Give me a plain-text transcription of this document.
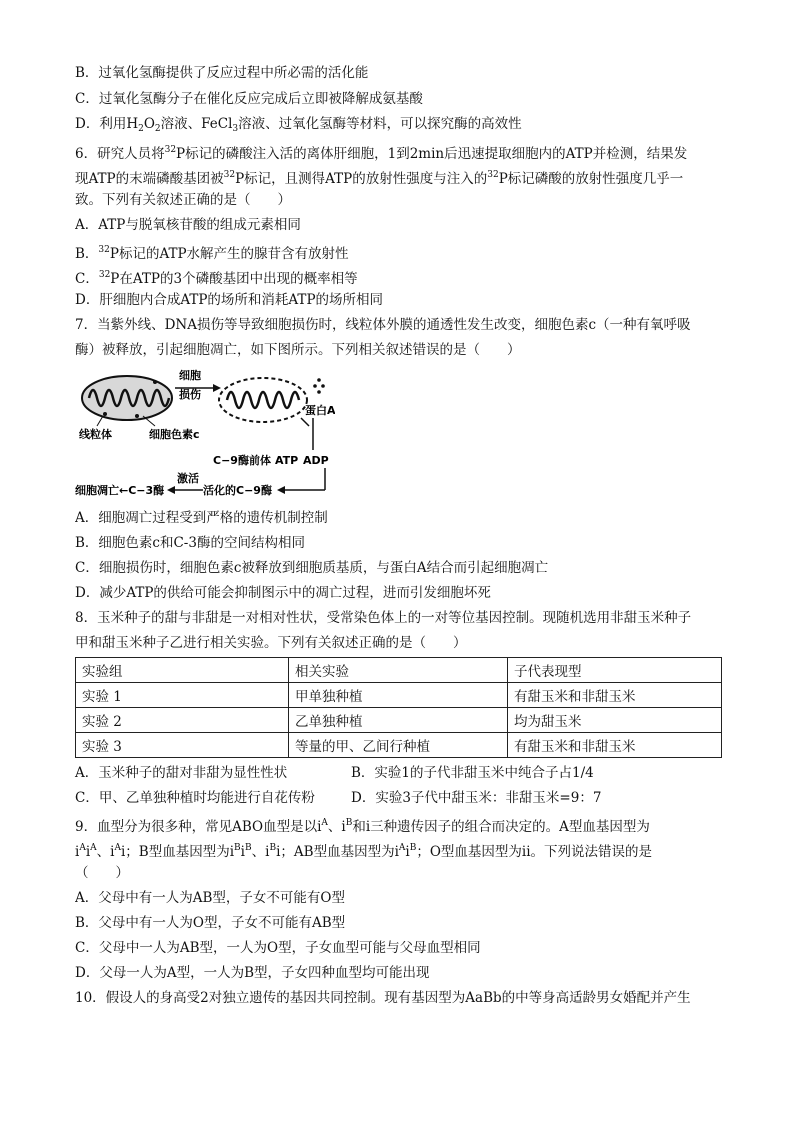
B．过氧化氢酶提供了反应过程中所必需的活化能
C．过氧化氢酶分子在催化反应完成后立即被降解成氨基酸
D．利用$H_2O_2$溶液、FeCl$_3$溶液、过氧化氢酶等材料，可以探究酶的高效性
6．研究人员将$^{32}$P标记的磷酸注入活的离体肝细胞，1到2min后迅速提取细胞内的ATP并检测，结果发
现ATP的末端磷酸基团被$^{32}$P标记，且测得ATP的放射性强度与注入的$^{32}$P标记磷酸的放射性强度几乎一
致。下列有关叙述正确的是（　　）
A．ATP与脱氧核苷酸的组成元素相同
B．$^{32}$P标记的ATP水解产生的腺苷含有放射性
C．$^{32}$P在ATP的3个磷酸基团中出现的概率相等
D．肝细胞内合成ATP的场所和消耗ATP的场所相同
7．当紫外线、DNA损伤等导致细胞损伤时，线粒体外膜的通透性发生改变，细胞色素c（一种有氧呼吸
酶）被释放，引起细胞凋亡，如下图所示。下列相关叙述错误的是（　　）
细胞
损伤
蛋白A
线粒体	细胞色素c
C−9酶前体 ATP ADP
激活
细胞凋亡←C−3酶	活化的C−9酶
A．细胞凋亡过程受到严格的遗传机制控制
B．细胞色素c和C-3酶的空间结构相同
C．细胞损伤时，细胞色素c被释放到细胞质基质，与蛋白A结合而引起细胞凋亡
D．减少ATP的供给可能会抑制图示中的凋亡过程，进而引发细胞坏死
8．玉米种子的甜与非甜是一对相对性状，受常染色体上的一对等位基因控制。现随机选用非甜玉米种子
甲和甜玉米种子乙进行相关实验。下列有关叙述正确的是（　　）
实验组	相关实验	子代表现型
实验 1	甲单独种植	有甜玉米和非甜玉米
实验 2	乙单独种植	均为甜玉米
实验 3	等量的甲、乙间行种植	有甜玉米和非甜玉米
A．玉米种子的甜对非甜为显性性状	B．实验1的子代非甜玉米中纯合子占1/4
C．甲、乙单独种植时均能进行自花传粉	D．实验3子代中甜玉米：非甜玉米=9：7
9．血型分为很多种，常见ABO血型是以$i^A$、$i^B$和i三种遗传因子的组合而决定的。A型血基因型为
$i^Ai^A$、$i^Ai$；B型血基因型为$i^Bi^B$、$i^Bi$；AB型血基因型为$i^Ai^B$；O型血基因型为ii。下列说法错误的是
（　　）
A．父母中有一人为AB型，子女不可能有O型
B．父母中有一人为O型，子女不可能有AB型
C．父母中一人为AB型，一人为O型，子女血型可能与父母血型相同
D．父母一人为A型，一人为B型，子女四种血型均可能出现
10．假设人的身高受2对独立遗传的基因共同控制。现有基因型为AaBb的中等身高适龄男女婚配并产生
